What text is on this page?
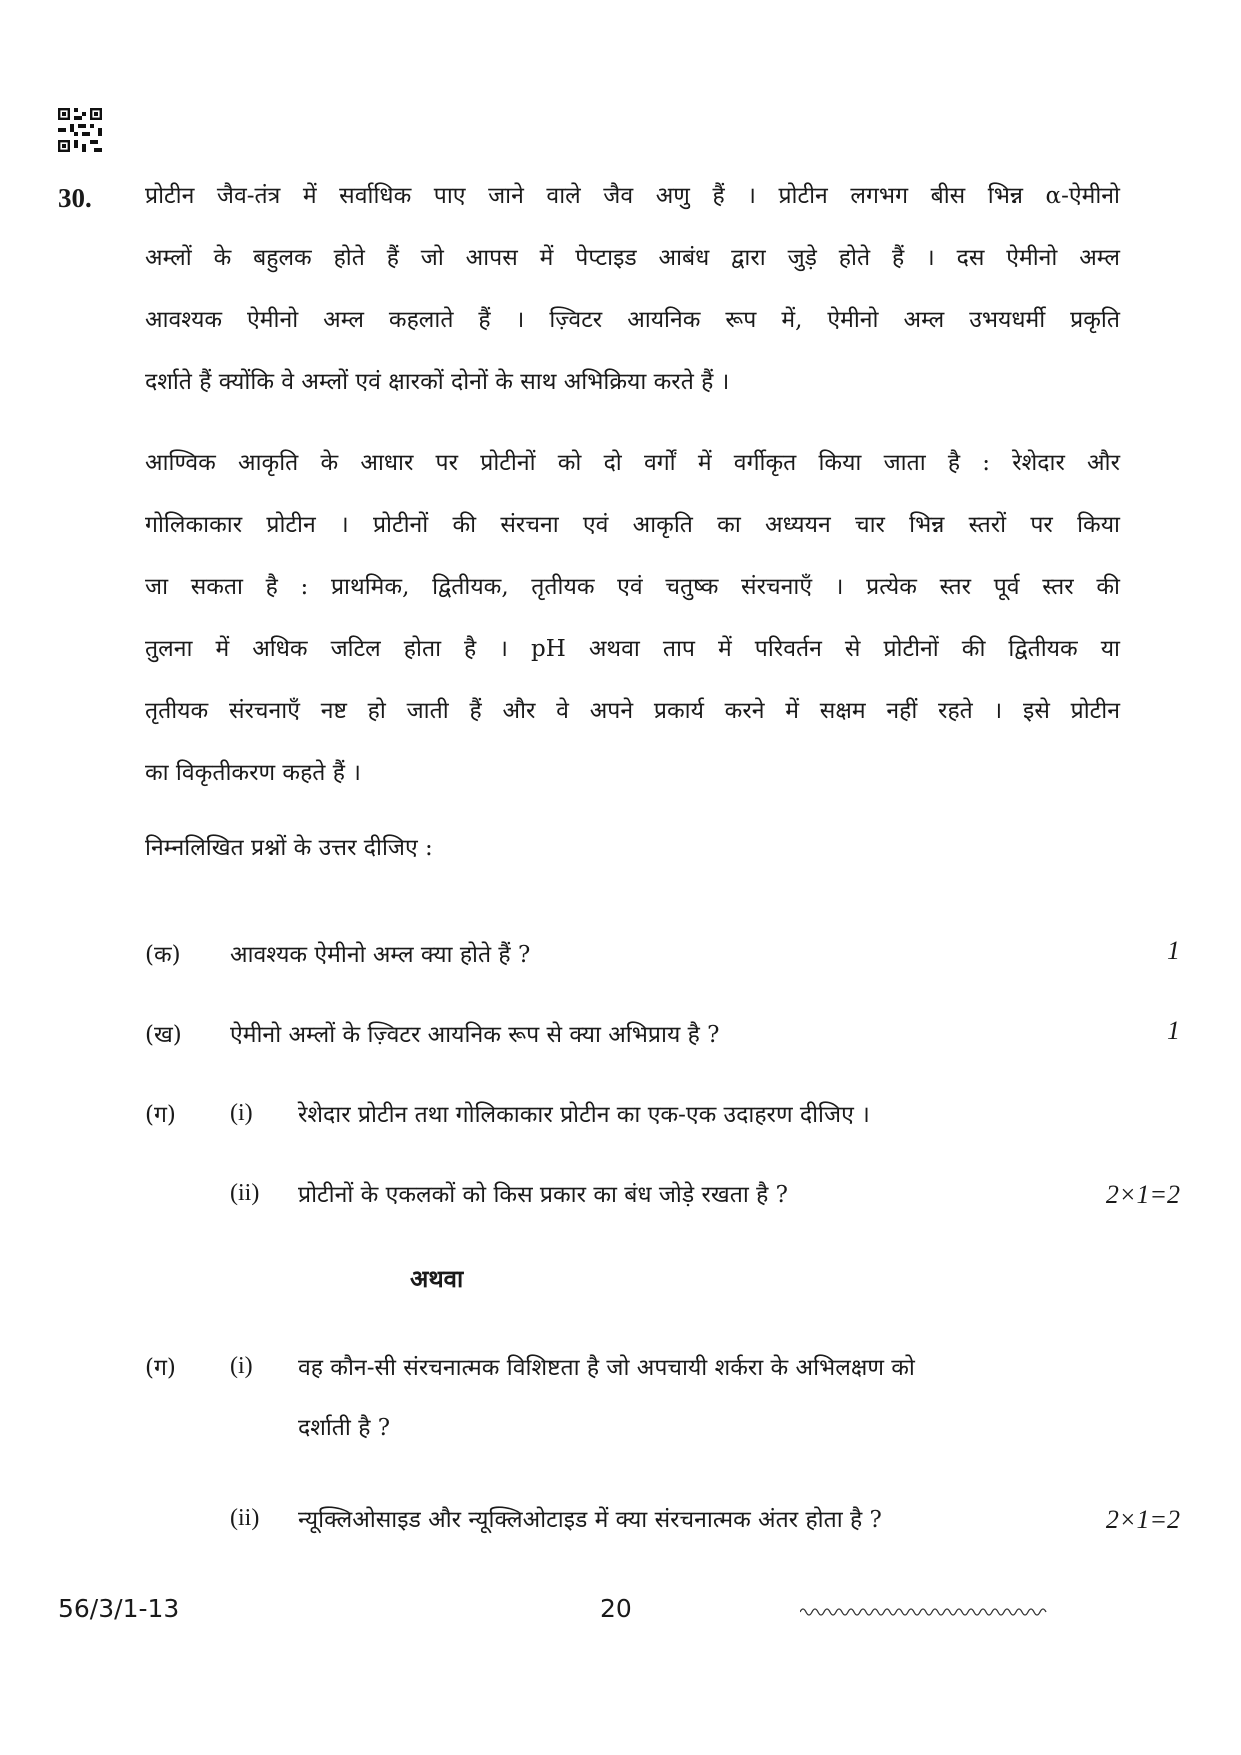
30. प्रोटीन जैव-तंत्र में सर्वाधिक पाए जाने वाले जैव अणु हैं । प्रोटीन लगभग बीस भिन्न α-ऐमीनो
अम्लों के बहुलक होते हैं जो आपस में पेप्टाइड आबंध द्वारा जुड़े होते हैं । दस ऐमीनो अम्ल
आवश्यक ऐमीनो अम्ल कहलाते हैं । ज़्विटर आयनिक रूप में, ऐमीनो अम्ल उभयधर्मी प्रकृति
दर्शाते हैं क्योंकि वे अम्लों एवं क्षारकों दोनों के साथ अभिक्रिया करते हैं ।
आण्विक आकृति के आधार पर प्रोटीनों को दो वर्गों में वर्गीकृत किया जाता है : रेशेदार और
गोलिकाकार प्रोटीन । प्रोटीनों की संरचना एवं आकृति का अध्ययन चार भिन्न स्तरों पर किया
जा सकता है : प्राथमिक, द्वितीयक, तृतीयक एवं चतुष्क संरचनाएँ । प्रत्येक स्तर पूर्व स्तर की
तुलना में अधिक जटिल होता है । pH अथवा ताप में परिवर्तन से प्रोटीनों की द्वितीयक या
तृतीयक संरचनाएँ नष्ट हो जाती हैं और वे अपने प्रकार्य करने में सक्षम नहीं रहते । इसे प्रोटीन
का विकृतीकरण कहते हैं ।
निम्नलिखित प्रश्नों के उत्तर दीजिए :
(क) आवश्यक ऐमीनो अम्ल क्या होते हैं ?	1
(ख) ऐमीनो अम्लों के ज़्विटर आयनिक रूप से क्या अभिप्राय है ?	1
(ग) (i) रेशेदार प्रोटीन तथा गोलिकाकार प्रोटीन का एक-एक उदाहरण दीजिए ।
(ii) प्रोटीनों के एकलकों को किस प्रकार का बंध जोड़े रखता है ?	2×1=2
अथवा
(ग) (i) वह कौन-सी संरचनात्मक विशिष्टता है जो अपचायी शर्करा के अभिलक्षण को
दर्शाती है ?
(ii) न्यूक्लिओसाइड और न्यूक्लिओटाइड में क्या संरचनात्मक अंतर होता है ?	2×1=2
56/3/1-13	20
